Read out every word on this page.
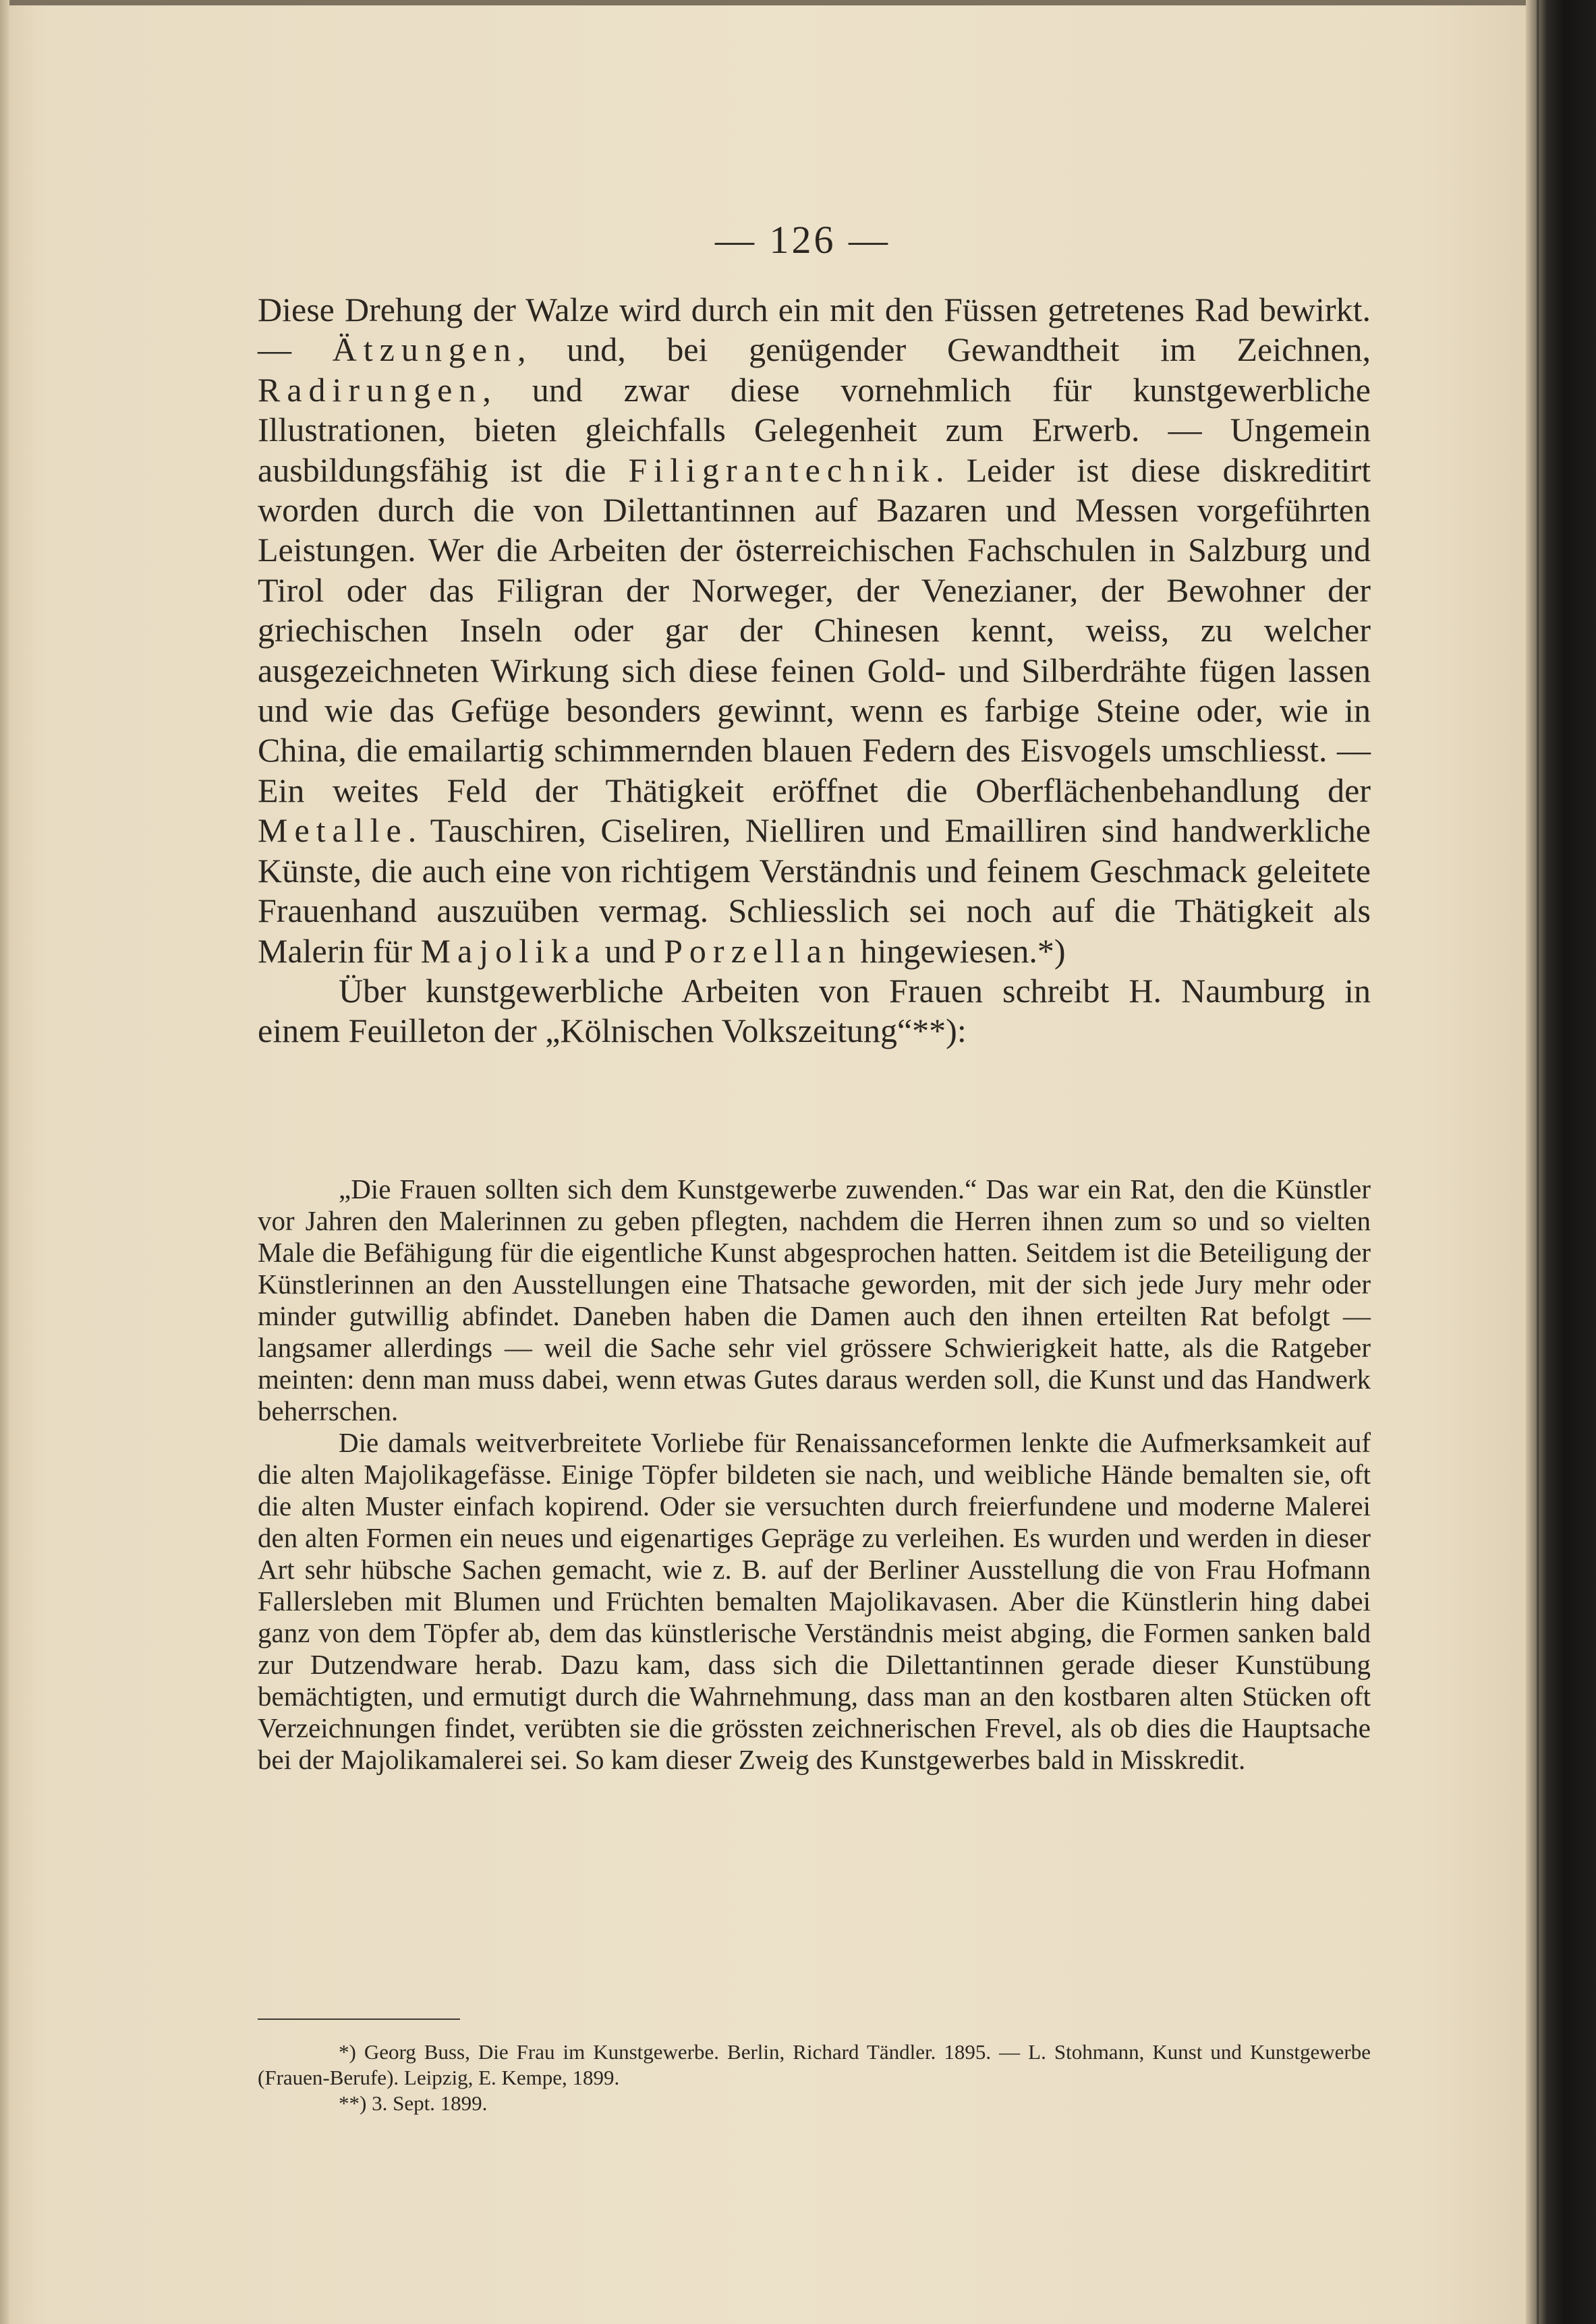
— 126 —

Diese Drehung der Walze wird durch ein mit den Füssen getretenes Rad bewirkt. — Ätzungen, und, bei genügender Gewandtheit im Zeichnen, Radirungen, und zwar diese vornehmlich für kunstgewerbliche Illustrationen, bieten gleichfalls Gelegenheit zum Erwerb. — Ungemein ausbildungsfähig ist die Filigrantechnik. Leider ist diese diskreditirt worden durch die von Dilettantinnen auf Bazaren und Messen vorgeführten Leistungen. Wer die Arbeiten der österreichischen Fachschulen in Salzburg und Tirol oder das Filigran der Norweger, der Venezianer, der Bewohner der griechischen Inseln oder gar der Chinesen kennt, weiss, zu welcher ausgezeichneten Wirkung sich diese feinen Gold- und Silberdrähte fügen lassen und wie das Gefüge besonders gewinnt, wenn es farbige Steine oder, wie in China, die emailartig schimmernden blauen Federn des Eisvogels umschliesst. — Ein weites Feld der Thätigkeit eröffnet die Oberflächenbehandlung der Metalle. Tauschiren, Ciseliren, Nielliren und Emailliren sind handwerkliche Künste, die auch eine von richtigem Verständnis und feinem Geschmack geleitete Frauenhand auszuüben vermag. Schliesslich sei noch auf die Thätigkeit als Malerin für Majolika und Porzellan hingewiesen.*)

Über kunstgewerbliche Arbeiten von Frauen schreibt H. Naumburg in einem Feuilleton der „Kölnischen Volkszeitung“**):

„Die Frauen sollten sich dem Kunstgewerbe zuwenden.“ Das war ein Rat, den die Künstler vor Jahren den Malerinnen zu geben pflegten, nachdem die Herren ihnen zum so und so vielten Male die Befähigung für die eigentliche Kunst abgesprochen hatten. Seitdem ist die Beteiligung der Künstlerinnen an den Ausstellungen eine Thatsache geworden, mit der sich jede Jury mehr oder minder gutwillig abfindet. Daneben haben die Damen auch den ihnen erteilten Rat befolgt — langsamer allerdings — weil die Sache sehr viel grössere Schwierigkeit hatte, als die Ratgeber meinten: denn man muss dabei, wenn etwas Gutes daraus werden soll, die Kunst und das Handwerk beherrschen.

Die damals weitverbreitete Vorliebe für Renaissanceformen lenkte die Aufmerksamkeit auf die alten Majolikagefässe. Einige Töpfer bildeten sie nach, und weibliche Hände bemalten sie, oft die alten Muster einfach kopirend. Oder sie versuchten durch freierfundene und moderne Malerei den alten Formen ein neues und eigenartiges Gepräge zu verleihen. Es wurden und werden in dieser Art sehr hübsche Sachen gemacht, wie z. B. auf der Berliner Ausstellung die von Frau Hofmann Fallersleben mit Blumen und Früchten bemalten Majolikavasen. Aber die Künstlerin hing dabei ganz von dem Töpfer ab, dem das künstlerische Verständnis meist abging, die Formen sanken bald zur Dutzendware herab. Dazu kam, dass sich die Dilettantinnen gerade dieser Kunstübung bemächtigten, und ermutigt durch die Wahrnehmung, dass man an den kostbaren alten Stücken oft Verzeichnungen findet, verübten sie die grössten zeichnerischen Frevel, als ob dies die Hauptsache bei der Majolikamalerei sei. So kam dieser Zweig des Kunstgewerbes bald in Misskredit.

*) Georg Buss, Die Frau im Kunstgewerbe. Berlin, Richard Tändler. 1895. — L. Stohmann, Kunst und Kunstgewerbe (Frauen-Berufe). Leipzig, E. Kempe, 1899.

**) 3. Sept. 1899.
